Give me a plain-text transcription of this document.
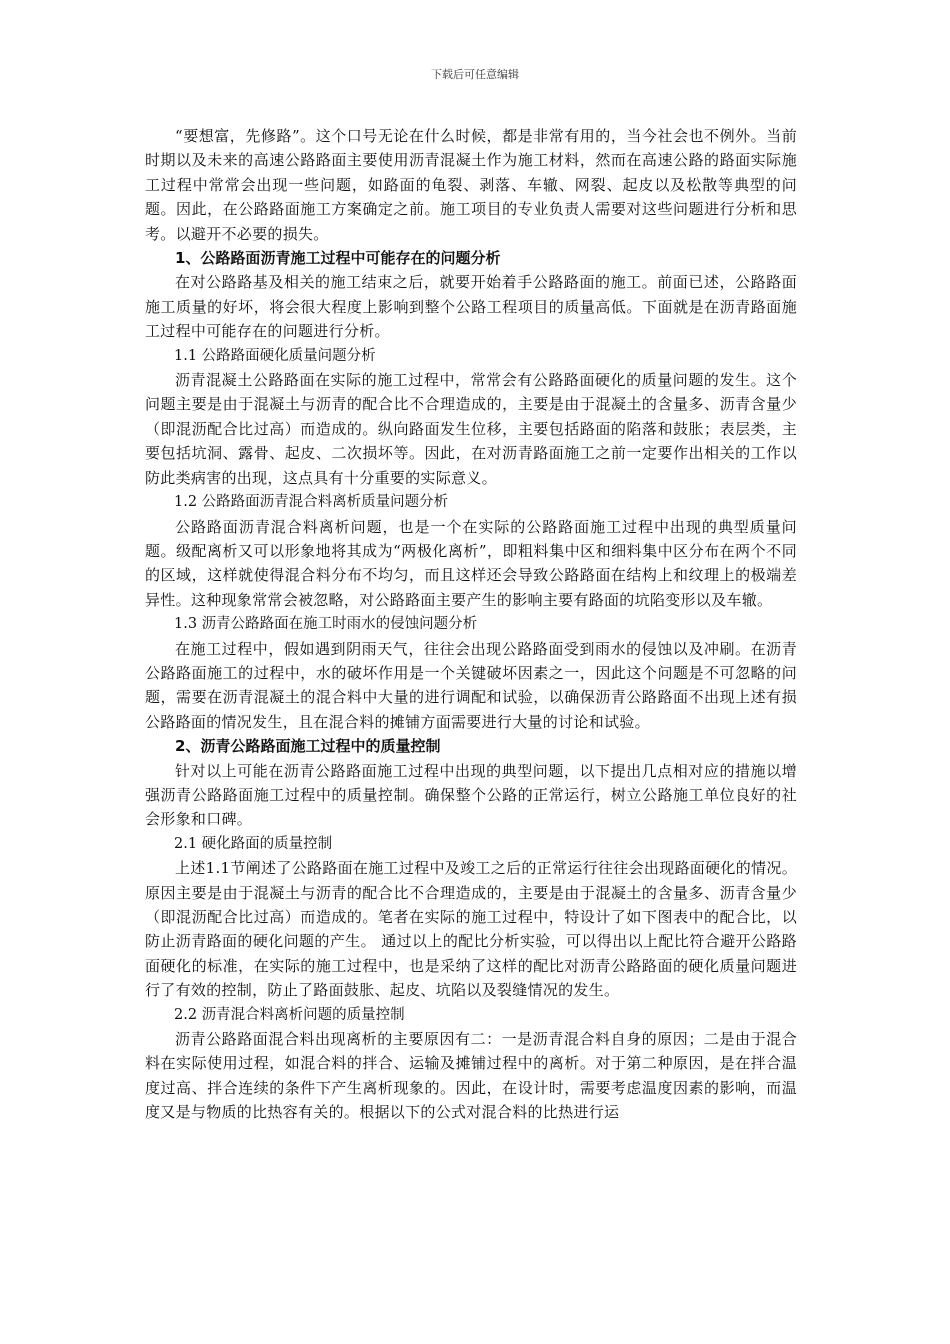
下载后可任意编辑

“要想富，先修路”。这个口号无论在什么时候，都是非常有用的，当今社会也不例外。当前时期以及未来的高速公路路面主要使用沥青混凝土作为施工材料，然而在高速公路的路面实际施工过程中常常会出现一些问题，如路面的龟裂、剥落、车辙、网裂、起皮以及松散等典型的问题。因此，在公路路面施工方案确定之前。施工项目的专业负责人需要对这些问题进行分析和思考。以避开不必要的损失。

1、公路路面沥青施工过程中可能存在的问题分析

在对公路路基及相关的施工结束之后，就要开始着手公路路面的施工。前面已述，公路路面施工质量的好坏，将会很大程度上影响到整个公路工程项目的质量高低。下面就是在沥青路面施工过程中可能存在的问题进行分析。

1.1 公路路面硬化质量问题分析

沥青混凝土公路路面在实际的施工过程中，常常会有公路路面硬化的质量问题的发生。这个问题主要是由于混凝土与沥青的配合比不合理造成的，主要是由于混凝土的含量多、沥青含量少（即混沥配合比过高）而造成的。纵向路面发生位移，主要包括路面的陷落和鼓胀；表层类，主要包括坑洞、露骨、起皮、二次损坏等。因此，在对沥青路面施工之前一定要作出相关的工作以防此类病害的出现，这点具有十分重要的实际意义。

1.2 公路路面沥青混合料离析质量问题分析

公路路面沥青混合料离析问题，也是一个在实际的公路路面施工过程中出现的典型质量问题。级配离析又可以形象地将其成为“两极化离析”，即粗料集中区和细料集中区分布在两个不同的区域，这样就使得混合料分布不均匀，而且这样还会导致公路路面在结构上和纹理上的极端差异性。这种现象常常会被忽略，对公路路面主要产生的影响主要有路面的坑陷变形以及车辙。

1.3 沥青公路路面在施工时雨水的侵蚀问题分析

在施工过程中，假如遇到阴雨天气，往往会出现公路路面受到雨水的侵蚀以及冲刷。在沥青公路路面施工的过程中，水的破坏作用是一个关键破坏因素之一，因此这个问题是不可忽略的问题，需要在沥青混凝土的混合料中大量的进行调配和试验，以确保沥青公路路面不出现上述有损公路路面的情况发生，且在混合料的摊铺方面需要进行大量的讨论和试验。

2、沥青公路路面施工过程中的质量控制

针对以上可能在沥青公路路面施工过程中出现的典型问题，以下提出几点相对应的措施以增强沥青公路路面施工过程中的质量控制。确保整个公路的正常运行，树立公路施工单位良好的社会形象和口碑。

2.1 硬化路面的质量控制

上述1.1节阐述了公路路面在施工过程中及竣工之后的正常运行往往会出现路面硬化的情况。原因主要是由于混凝土与沥青的配合比不合理造成的，主要是由于混凝土的含量多、沥青含量少（即混沥配合比过高）而造成的。笔者在实际的施工过程中，特设计了如下图表中的配合比，以防止沥青路面的硬化问题的产生。 通过以上的配比分析实验，可以得出以上配比符合避开公路路面硬化的标准，在实际的施工过程中，也是采纳了这样的配比对沥青公路路面的硬化质量问题进行了有效的控制，防止了路面鼓胀、起皮、坑陷以及裂缝情况的发生。

2.2 沥青混合料离析问题的质量控制

沥青公路路面混合料出现离析的主要原因有二：一是沥青混合料自身的原因；二是由于混合料在实际使用过程，如混合料的拌合、运输及摊铺过程中的离析。对于第二种原因，是在拌合温度过高、拌合连续的条件下产生离析现象的。因此，在设计时，需要考虑温度因素的影响，而温度又是与物质的比热容有关的。根据以下的公式对混合料的比热进行运
